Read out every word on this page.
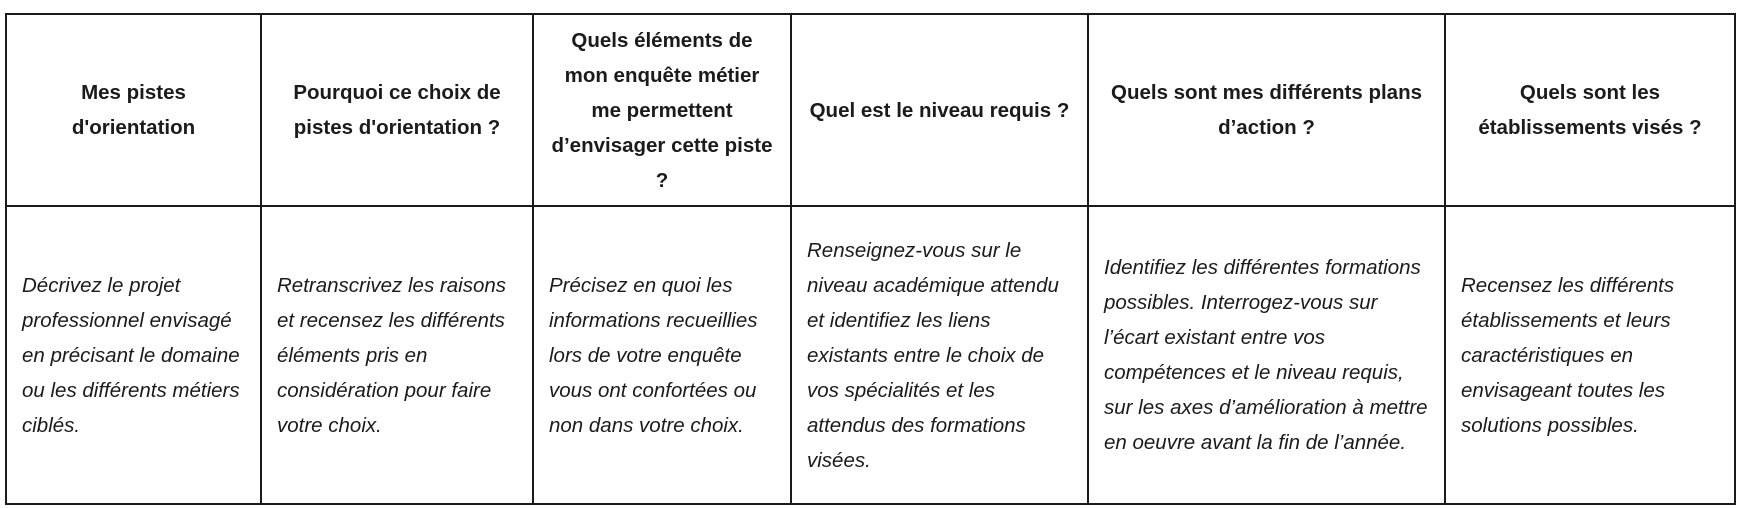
Mes pistes d'orientation	Pourquoi ce choix de pistes d'orientation ?	Quels éléments de mon enquête métier me permettent d’envisager cette piste ?	Quel est le niveau requis ?	Quels sont mes différents plans d’action ?	Quels sont les établissements visés ?
Décrivez le projet professionnel envisagé en précisant le domaine ou les différents métiers ciblés.	Retranscrivez les raisons et recensez les différents éléments pris en considération pour faire votre choix.	Précisez en quoi les informations recueillies lors de votre enquête vous ont confortées ou non dans votre choix.	Renseignez-vous sur le niveau académique attendu et identifiez les liens existants entre le choix de vos spécialités et les attendus des formations visées.	Identifiez les différentes formations possibles. Interrogez-vous sur l’écart existant entre vos compétences et le niveau requis, sur les axes d’amélioration à mettre en oeuvre avant la fin de l’année.	Recensez les différents établissements et leurs caractéristiques en envisageant toutes les solutions possibles.
